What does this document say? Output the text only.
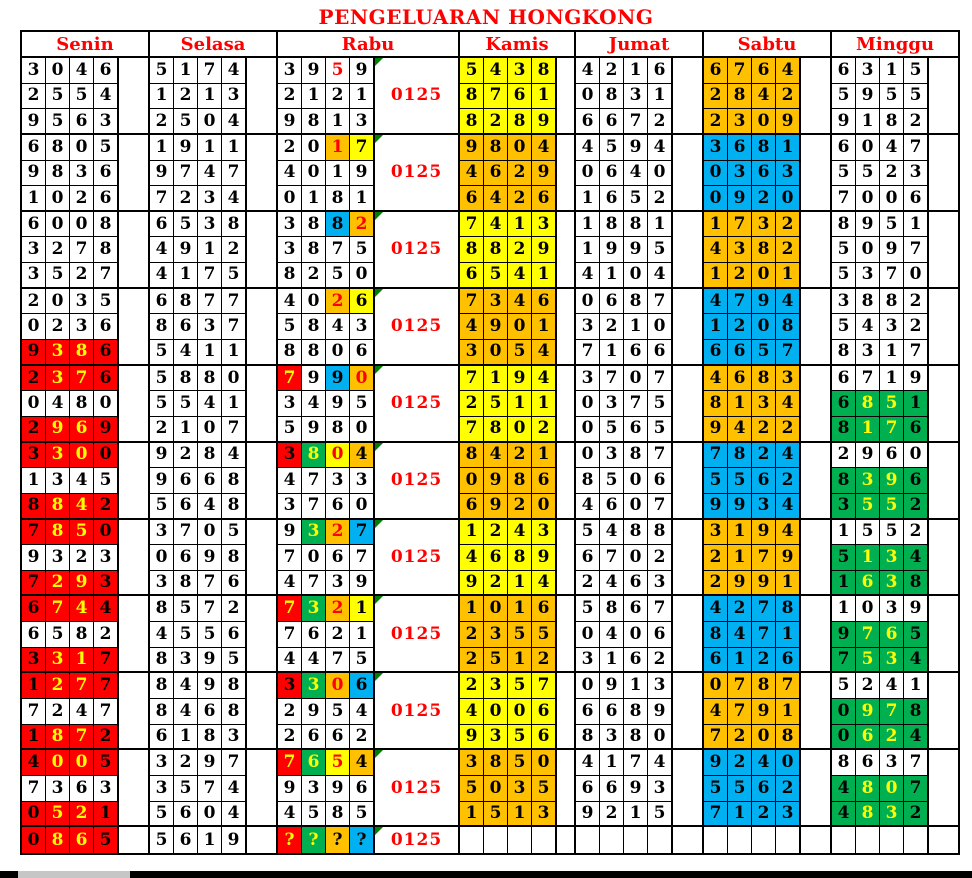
PENGELUARAN HONGKONG
Senin
3 0 4 6
2 5 5 4
9 5 6 3
6 8 0 5
9 8 3 6
1 0 2 6
6 0 0 8
3 2 7 8
3 5 2 7
2 0 3 5
0 2 3 6
9 3 8 6
2 3 7 6
0 4 8 0
2 9 6 9
3 3 0 0
1 3 4 5
8 8 4 2
7 8 5 0
9 3 2 3
7 2 9 3
6 7 4 4
6 5 8 2
3 3 1 7
1 2 7 7
7 2 4 7
1 8 7 2
4 0 0 5
7 3 6 3
0 5 2 1
0 8 6 5
Selasa
5 1 7 4
1 2 1 3
2 5 0 4
1 9 1 1
9 7 4 7
7 2 3 4
6 5 3 8
4 9 1 2
4 1 7 5
6 8 7 7
8 6 3 7
5 4 1 1
5 8 8 0
5 5 4 1
2 1 0 7
9 2 8 4
9 6 6 8
5 6 4 8
3 7 0 5
0 6 9 8
3 8 7 6
8 5 7 2
4 5 5 6
8 3 9 5
8 4 9 8
8 4 6 8
6 1 8 3
3 2 9 7
3 5 7 4
5 6 0 4
5 6 1 9
Rabu
3 9 5 9
0125
2 1 2 1
9 8 1 3
2 0 1 7
0125
4 0 1 9
0 1 8 1
3 8 8 2
0125
3 8 7 5
8 2 5 0
4 0 2 6
0125
5 8 4 3
8 8 0 6
7 9 9 0
0125
3 4 9 5
5 9 8 0
3 8 0 4
0125
4 7 3 3
3 7 6 0
9 3 2 7
0125
7 0 6 7
4 7 3 9
7 3 2 1
0125
7 6 2 1
4 4 7 5
3 3 0 6
0125
2 9 5 4
2 6 6 2
7 6 5 4
0125
9 3 9 6
4 5 8 5
? ? ? ?	0125
Kamis
5 4 3 8
8 7 6 1
8 2 8 9
9 8 0 4
4 6 2 9
6 4 2 6
7 4 1 3
8 8 2 9
6 5 4 1
7 3 4 6
4 9 0 1
3 0 5 4
7 1 9 4
2 5 1 1
7 8 0 2
8 4 2 1
0 9 8 6
6 9 2 0
1 2 4 3
4 6 8 9
9 2 1 4
1 0 1 6
2 3 5 5
2 5 1 2
2 3 5 7
4 0 0 6
9 3 5 6
3 8 5 0
5 0 3 5
1 5 1 3
Jumat
4 2 1 6
0 8 3 1
6 6 7 2
4 5 9 4
0 6 4 0
1 6 5 2
1 8 8 1
1 9 9 5
4 1 0 4
0 6 8 7
3 2 1 0
7 1 6 6
3 7 0 7
0 3 7 5
0 5 6 5
0 3 8 7
8 5 0 6
4 6 0 7
5 4 8 8
6 7 0 2
2 4 6 3
5 8 6 7
0 4 0 6
3 1 6 2
0 9 1 3
6 6 8 9
8 3 8 0
4 1 7 4
6 6 9 3
9 2 1 5
Sabtu
6 7 6 4
2 8 4 2
2 3 0 9
3 6 8 1
0 3 6 3
0 9 2 0
1 7 3 2
4 3 8 2
1 2 0 1
4 7 9 4
1 2 0 8
6 6 5 7
4 6 8 3
8 1 3 4
9 4 2 2
7 8 2 4
5 5 6 2
9 9 3 4
3 1 9 4
2 1 7 9
2 9 9 1
4 2 7 8
8 4 7 1
6 1 2 6
0 7 8 7
4 7 9 1
7 2 0 8
9 2 4 0
5 5 6 2
7 1 2 3
Minggu
6 3 1 5
5 9 5 5
9 1 8 2
6 0 4 7
5 5 2 3
7 0 0 6
8 9 5 1
5 0 9 7
5 3 7 0
3 8 8 2
5 4 3 2
8 3 1 7
6 7 1 9
6 8 5 1
8 1 7 6
2 9 6 0
8 3 9 6
3 5 5 2
1 5 5 2
5 1 3 4
1 6 3 8
1 0 3 9
9 7 6 5
7 5 3 4
5 2 4 1
0 9 7 8
0 6 2 4
8 6 3 7
4 8 0 7
4 8 3 2
